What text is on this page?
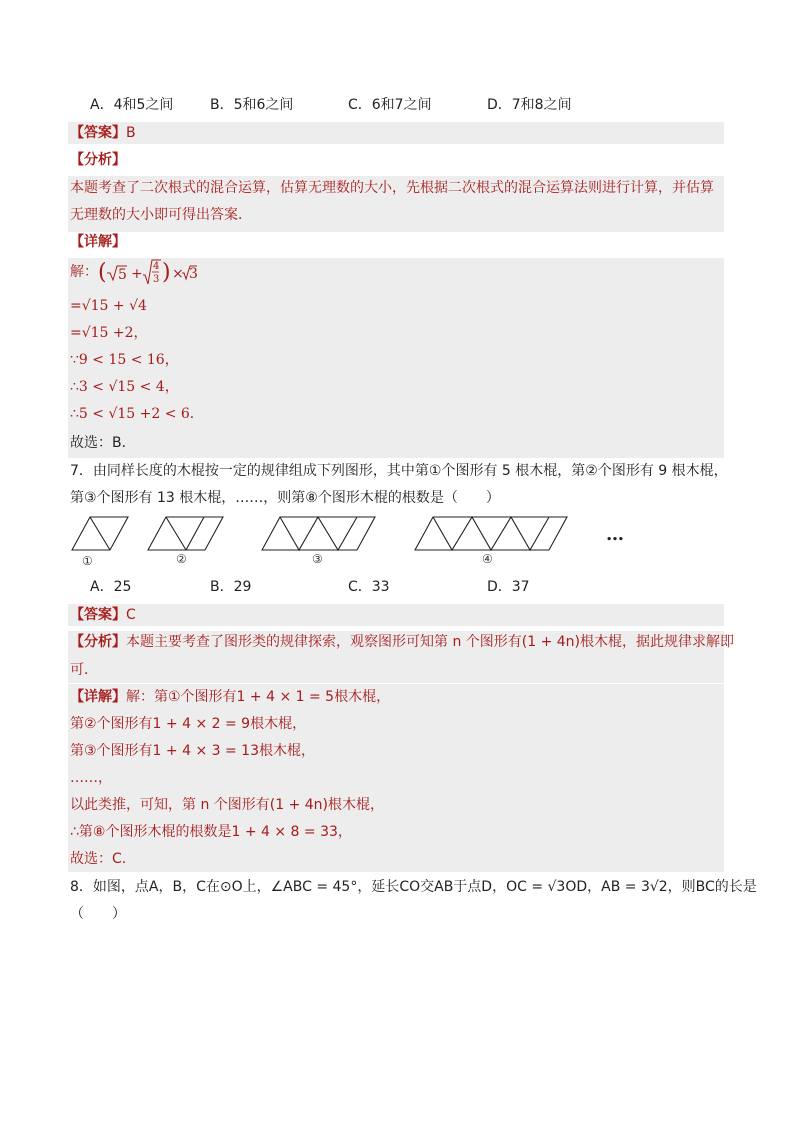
A．4和5之间	B．5和6之间	C．6和7之间	D．7和8之间
【答案】B
【分析】
本题考查了二次根式的混合运算，估算无理数的大小，先根据二次根式的混合运算法则进行计算，并估算
无理数的大小即可得出答案．
【详解】
解： ( 5 + 4
3 ) × 3
=√15 + √4
=√15 +2，
∵9 < 15 < 16，
∴3 < √15 < 4，
∴5 < √15 +2 < 6．
故选：B．
7．由同样长度的木棍按一定的规律组成下列图形，其中第①个图形有 5 根木棍，第②个图形有 9 根木棍，
第③个图形有 13 根木棍，……，则第⑧个图形木棍的根数是（　　）
①	②	③	④
…
A．25	B．29	C．33	D．37
【答案】C
【分析】本题主要考查了图形类的规律探索，观察图形可知第 n 个图形有(1 + 4n)根木棍，据此规律求解即
可．
【详解】解：第①个图形有1 + 4 × 1 = 5根木棍，
第②个图形有1 + 4 × 2 = 9根木棍，
第③个图形有1 + 4 × 3 = 13根木棍，
……，
以此类推，可知，第 n 个图形有(1 + 4n)根木棍，
∴第⑧个图形木棍的根数是1 + 4 × 8 = 33，
故选：C．
8．如图，点A，B，C在⊙O上，∠ABC = 45°，延长CO交AB于点D，OC = √3OD，AB = 3√2，则BC的长是
（　　）
